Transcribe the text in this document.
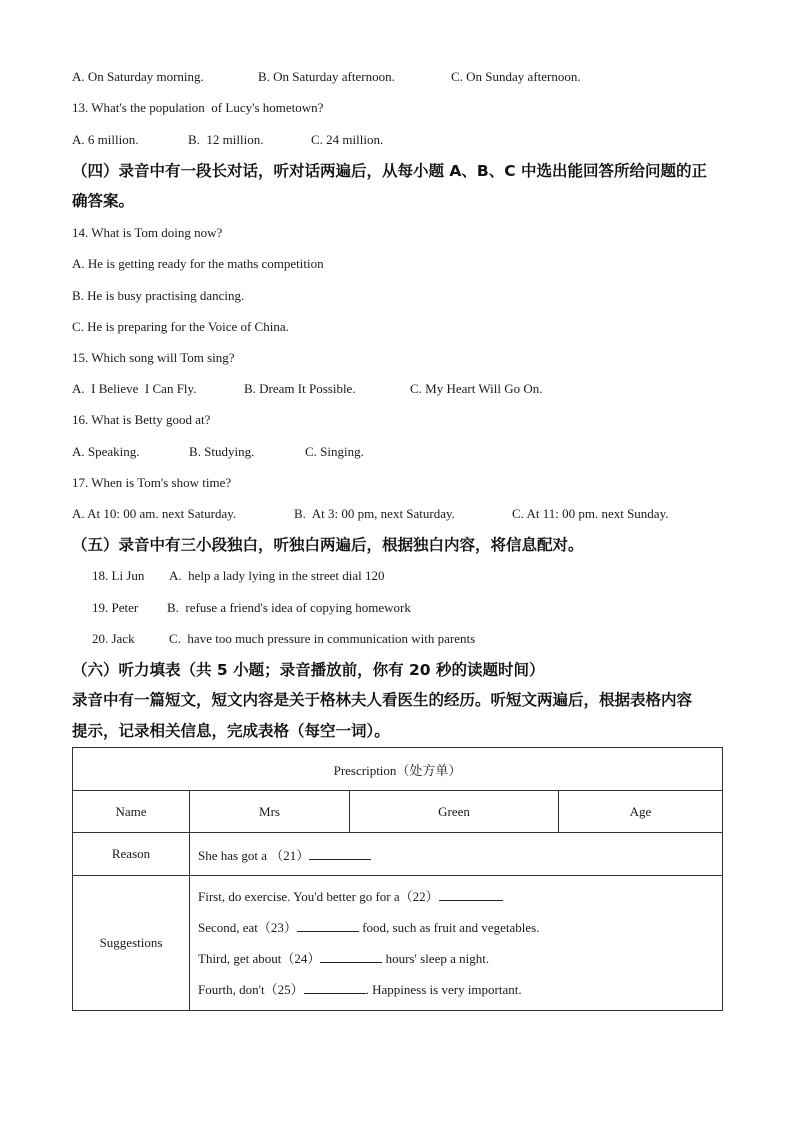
A. On Saturday morning.	B. On Saturday afternoon.	C. On Sunday afternoon.
13. What's the population  of Lucy's hometown?
A. 6 million.	B.  12 million.	C. 24 million.
（四）录音中有一段长对话，听对话两遍后，从每小题 A、B、C 中选出能回答所给问题的正
确答案。
14. What is Tom doing now?
A. He is getting ready for the maths competition
B. He is busy practising dancing.
C. He is preparing for the Voice of China.
15. Which song will Tom sing?
A.  I Believe  I Can Fly.	B. Dream It Possible.	C. My Heart Will Go On.
16. What is Betty good at?
A. Speaking.	B. Studying.	C. Singing.
17. When is Tom's show time?
A. At 10: 00 am. next Saturday.	B.  At 3: 00 pm, next Saturday.	C. At 11: 00 pm. next Sunday.
（五）录音中有三小段独白，听独白两遍后，根据独白内容，将信息配对。
18. Li Jun A.  help a lady lying in the street dial 120
19. Peter B.  refuse a friend's idea of copying homework
20. Jack	C.  have too much pressure in communication with parents
（六）听力填表（共 5 小题；录音播放前，你有 20 秒的读题时间）
录音中有一篇短文，短文内容是关于格林夫人看医生的经历。听短文两遍后，根据表格内容
提示，记录相关信息，完成表格（每空一词）。
Prescription（处方单）			
Name	Mrs	Green	Age
Reason	She has got a （21）		
Suggestions	First, do exercise. You'd better go for a（22）
Second, eat（23） food, such as fruit and vegetables.
Third, get about（24） hours' sleep a night.
Fourth, don't（25） . Happiness is very important.		
